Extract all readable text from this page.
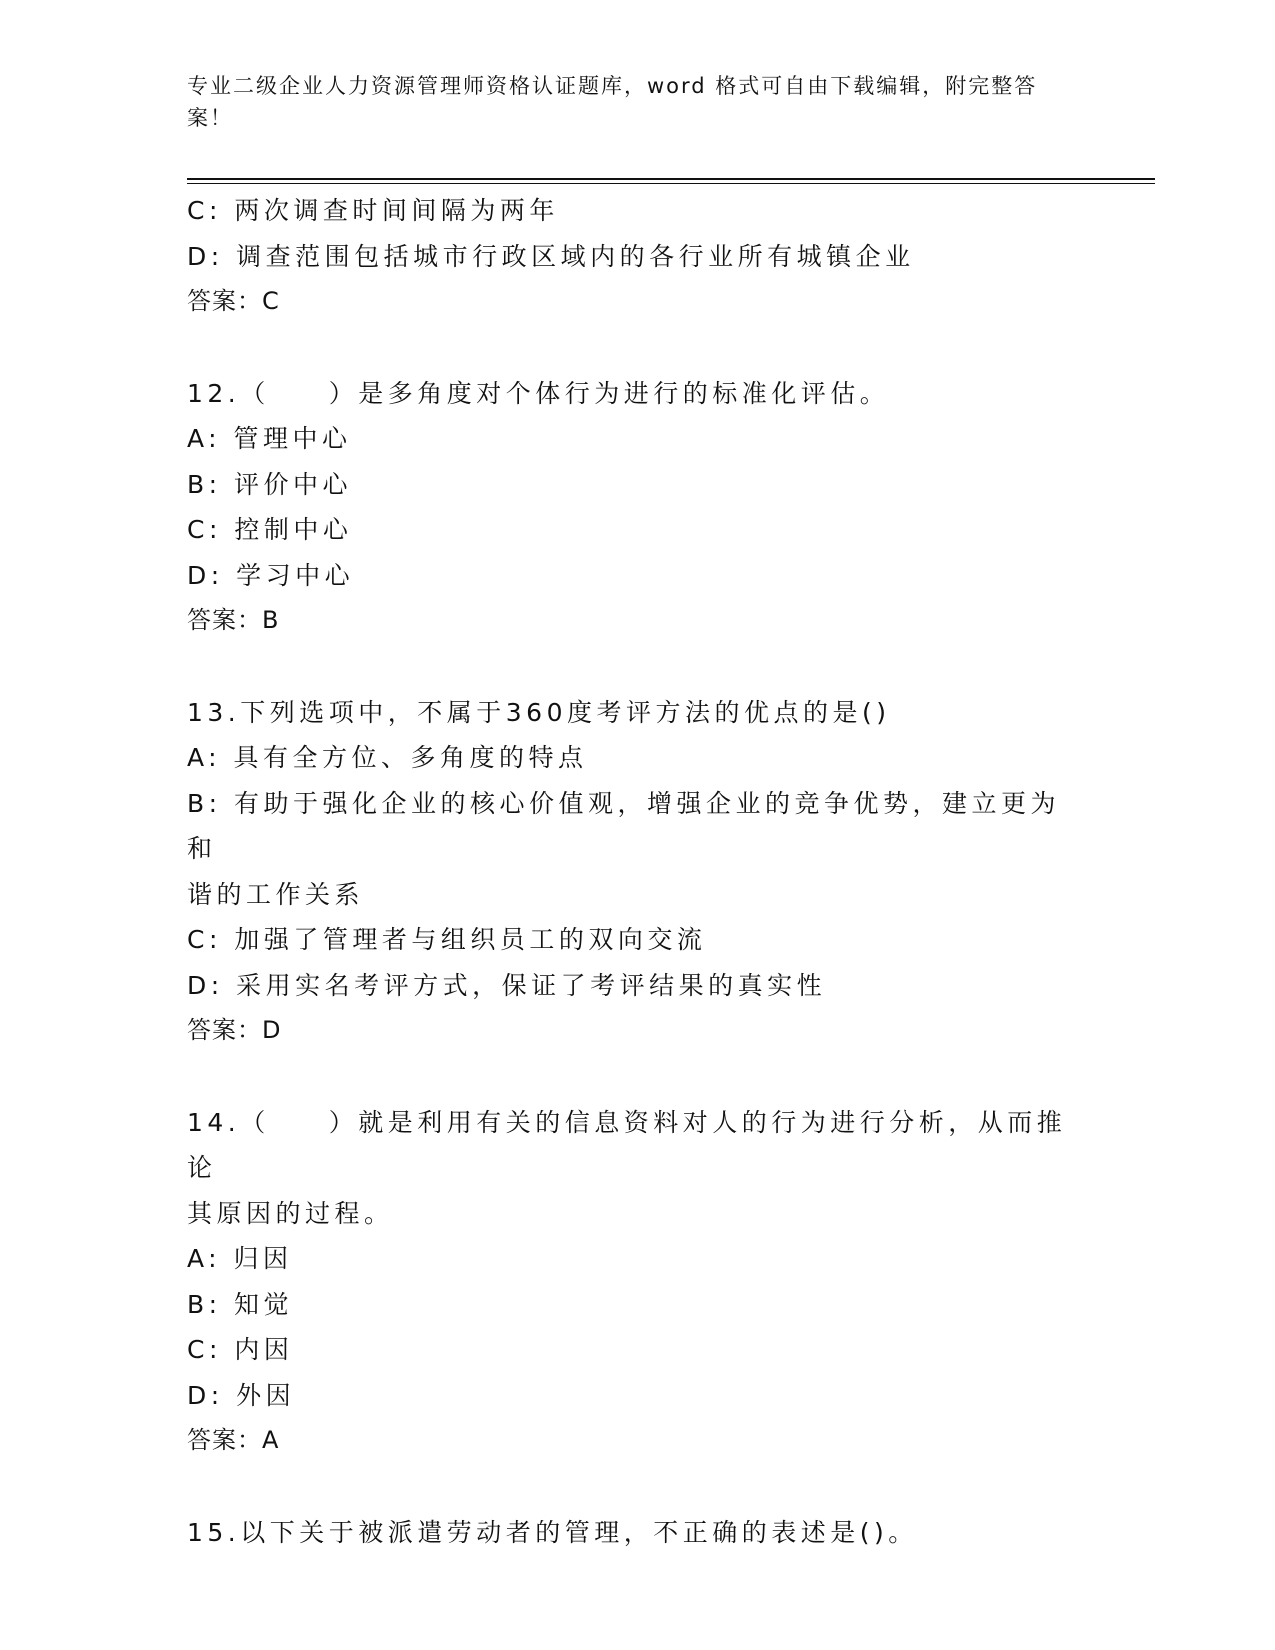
专业二级企业人力资源管理师资格认证题库，word 格式可自由下载编辑，附完整答案！
C: 两次调查时间间隔为两年
D: 调查范围包括城市行政区域内的各行业所有城镇企业
答案：C
12.（　　）是多角度对个体行为进行的标准化评估。
A: 管理中心
B: 评价中心
C: 控制中心
D: 学习中心
答案：B
13.下列选项中，不属于360度考评方法的优点的是()
A: 具有全方位、多角度的特点
B: 有助于强化企业的核心价值观，增强企业的竞争优势，建立更为和
谐的工作关系
C: 加强了管理者与组织员工的双向交流
D: 采用实名考评方式，保证了考评结果的真实性
答案：D
14.（　　）就是利用有关的信息资料对人的行为进行分析，从而推论
其原因的过程。
A: 归因
B: 知觉
C: 内因
D: 外因
答案：A
15.以下关于被派遣劳动者的管理，不正确的表述是()。
